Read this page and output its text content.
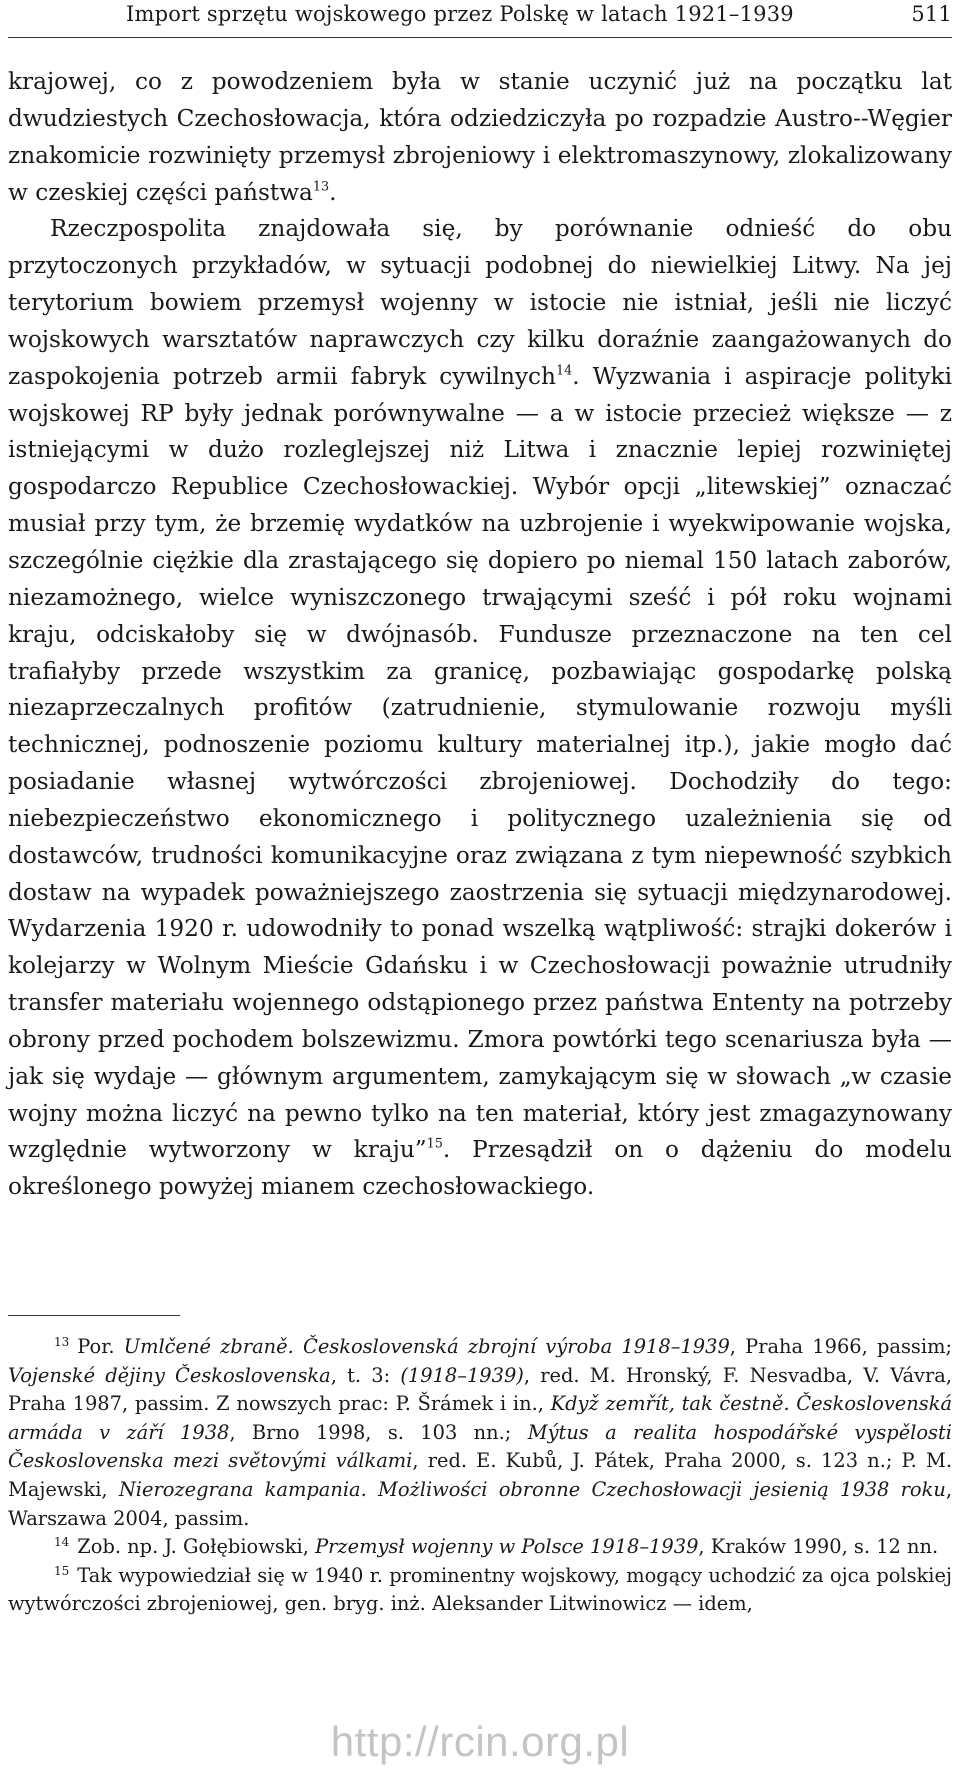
Import sprzętu wojskowego przez Polskę w latach 1921–1939	511

krajowej, co z powodzeniem była w stanie uczynić już na początku lat dwudziestych Czechosłowacja, która odziedziczyła po rozpadzie Austro--Węgier znakomicie rozwinięty przemysł zbrojeniowy i elektromaszynowy, zlokalizowany w czeskiej części państwa$^{13}$.

Rzeczpospolita znajdowała się, by porównanie odnieść do obu przytoczonych przykładów, w sytuacji podobnej do niewielkiej Litwy. Na jej terytorium bowiem przemysł wojenny w istocie nie istniał, jeśli nie liczyć wojskowych warsztatów naprawczych czy kilku doraźnie zaangażowanych do zaspokojenia potrzeb armii fabryk cywilnych$^{14}$. Wyzwania i aspiracje polityki wojskowej RP były jednak porównywalne — a w istocie przecież większe — z istniejącymi w dużo rozleglejszej niż Litwa i znacznie lepiej rozwiniętej gospodarczo Republice Czechosłowackiej. Wybór opcji „litewskiej” oznaczać musiał przy tym, że brzemię wydatków na uzbrojenie i wyekwipowanie wojska, szczególnie ciężkie dla zrastającego się dopiero po niemal 150 latach zaborów, niezamożnego, wielce wyniszczonego trwającymi sześć i pół roku wojnami kraju, odciskałoby się w dwójnasób. Fundusze przeznaczone na ten cel trafiałyby przede wszystkim za granicę, pozbawiając gospodarkę polską niezaprzeczalnych profitów (zatrudnienie, stymulowanie rozwoju myśli technicznej, podnoszenie poziomu kultury materialnej itp.), jakie mogło dać posiadanie własnej wytwórczości zbrojeniowej. Dochodziły do tego: niebezpieczeństwo ekonomicznego i politycznego uzależnienia się od dostawców, trudności komunikacyjne oraz związana z tym niepewność szybkich dostaw na wypadek poważniejszego zaostrzenia się sytuacji międzynarodowej. Wydarzenia 1920 r. udowodniły to ponad wszelką wątpliwość: strajki dokerów i kolejarzy w Wolnym Mieście Gdańsku i w Czechosłowacji poważnie utrudniły transfer materiału wojennego odstąpionego przez państwa Ententy na potrzeby obrony przed pochodem bolszewizmu. Zmora powtórki tego scenariusza była — jak się wydaje — głównym argumentem, zamykającym się w słowach „w czasie wojny można liczyć na pewno tylko na ten materiał, który jest zmagazynowany względnie wytworzony w kraju”$^{15}$. Przesądził on o dążeniu do modelu określonego powyżej mianem czechosłowackiego.

$^{13}$ Por. Umlčené zbraně. Československá zbrojní výroba 1918–1939, Praha 1966, passim; Vojenské dějiny Československa, t. 3: (1918–1939), red. M. Hronský, F. Nesvadba, V. Vávra, Praha 1987, passim. Z nowszych prac: P. Šrámek i in., Když zemřít, tak čestně. Československá armáda v září 1938, Brno 1998, s. 103 nn.; Mýtus a realita hospodářské vyspělosti Československa mezi světovými válkami, red. E. Kubů, J. Pátek, Praha 2000, s. 123 n.; P. M. Majewski, Nierozegrana kampania. Możliwości obronne Czechosłowacji jesienią 1938 roku, Warszawa 2004, passim.

$^{14}$ Zob. np. J. Gołębiowski, Przemysł wojenny w Polsce 1918–1939, Kraków 1990, s. 12 nn.

$^{15}$ Tak wypowiedział się w 1940 r. prominentny wojskowy, mogący uchodzić za ojca polskiej wytwórczości zbrojeniowej, gen. bryg. inż. Aleksander Litwinowicz — idem,

http://rcin.org.pl
